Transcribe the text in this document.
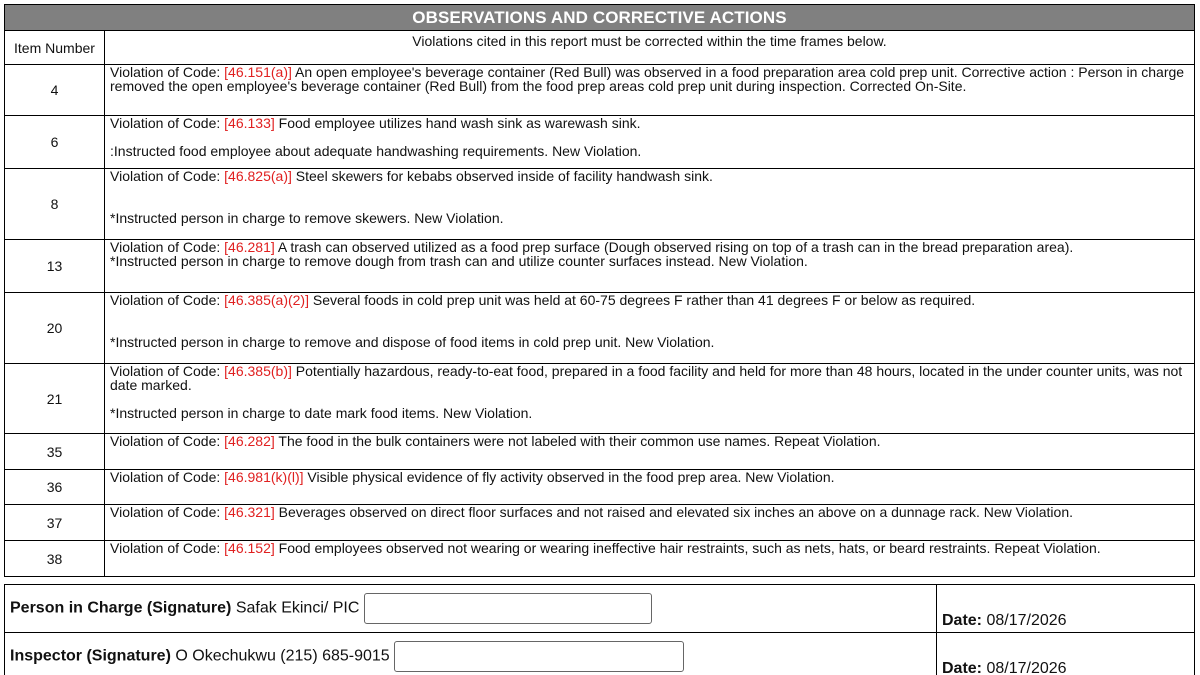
OBSERVATIONS AND CORRECTIVE ACTIONS	
Item Number	Violations cited in this report must be corrected within the time frames below.
4	Violation of Code: [46.151(a)] An open employee's beverage container (Red Bull) was observed in a food preparation area cold prep unit. Corrective action : Person in charge removed the open employee's beverage container (Red Bull) from the food prep areas cold prep unit during inspection. Corrected On-Site.
6	Violation of Code: [46.133] Food employee utilizes hand wash sink as warewash sink.
:Instructed food employee about adequate handwashing requirements. New Violation.
8	Violation of Code: [46.825(a)] Steel skewers for kebabs observed inside of facility handwash sink.
*Instructed person in charge to remove skewers. New Violation.
13	Violation of Code: [46.281] A trash can observed utilized as a food prep surface (Dough observed rising on top of a trash can in the bread preparation area).
*Instructed person in charge to remove dough from trash can and utilize counter surfaces instead. New Violation.
20	Violation of Code: [46.385(a)(2)] Several foods in cold prep unit was held at 60-75 degrees F rather than 41 degrees F or below as required.
*Instructed person in charge to remove and dispose of food items in cold prep unit. New Violation.
21	Violation of Code: [46.385(b)] Potentially hazardous, ready-to-eat food, prepared in a food facility and held for more than 48 hours, located in the under counter units, was not date marked.
*Instructed person in charge to date mark food items. New Violation.
35	Violation of Code: [46.282] The food in the bulk containers were not labeled with their common use names. Repeat Violation.
36	Violation of Code: [46.981(k)(l)] Visible physical evidence of fly activity observed in the food prep area. New Violation.
37	Violation of Code: [46.321] Beverages observed on direct floor surfaces and not raised and elevated six inches an above on a dunnage rack. New Violation.
38	Violation of Code: [46.152] Food employees observed not wearing or wearing ineffective hair restraints, such as nets, hats, or beard restraints. Repeat Violation.
Person in Charge (Signature) Safak Ekinci/ PIC	Date: 08/17/2026
Inspector (Signature) O Okechukwu (215) 685-9015	Date: 08/17/2026
